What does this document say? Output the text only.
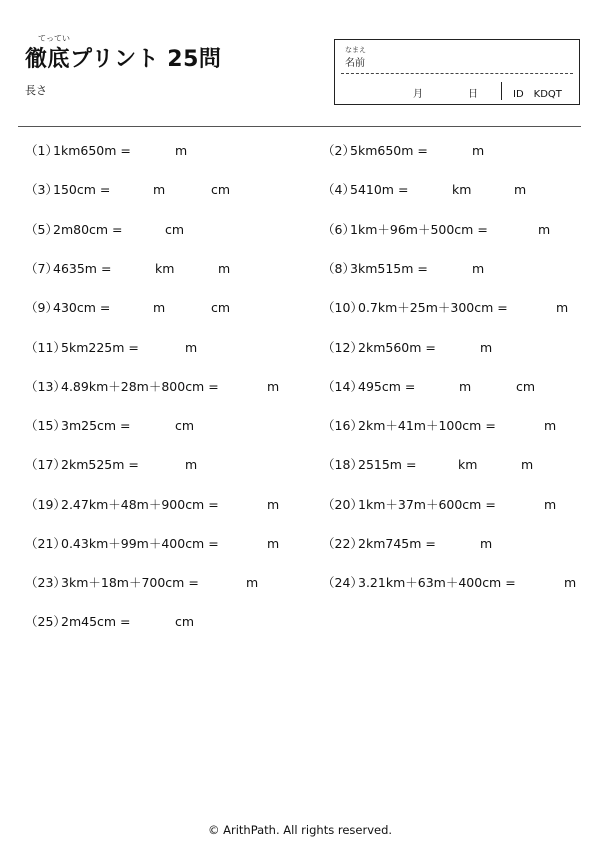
てってい
徹底プリント 25問
長さ
なまえ
名前
月	日	ID　KDQT
（1）
1km650m =	m	（2）
5km650m =	m
（3）
150cm =	m	cm	（4）
5410m =	km	m
（5）
2m80cm =	cm	（6）
1km＋96m＋500cm =	m
（7）
4635m =	km	m	（8）
3km515m =	m
（9）
430cm =	m	cm	（10）
0.7km＋25m＋300cm =	m
（11）
5km225m =	m	（12）
2km560m =	m
（13）
4.89km＋28m＋800cm =	m	（14）
495cm =	m	cm
（15）
3m25cm =	cm	（16）
2km＋41m＋100cm =	m
（17）
2km525m =	m	（18）
2515m =	km	m
（19）
2.47km＋48m＋900cm =	m	（20）
1km＋37m＋600cm =	m
（21）
0.43km＋99m＋400cm =	m	（22）
2km745m =	m
（23）
3km＋18m＋700cm =	m	（24）
3.21km＋63m＋400cm =	m
（25）
2m45cm =	cm
© ArithPath. All rights reserved.
